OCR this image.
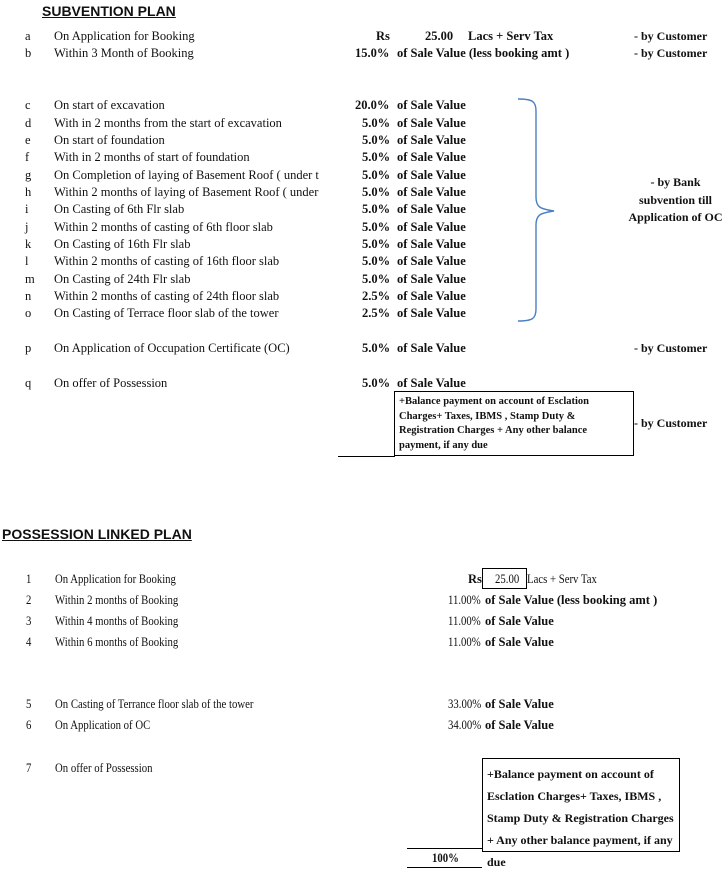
SUBVENTION PLAN
a On Application for Booking	Rs	25.00 Lacs + Serv Tax	- by Customer
b Within 3 Month of Booking	15.0% of Sale Value (less booking amt )	- by Customer
c On start of excavation	20.0% of Sale Value
d With in 2 months from the start of excavation	5.0% of Sale Value
e On start of foundation	5.0% of Sale Value
f With in 2 months of start of foundation	5.0% of Sale Value
g On Completion of laying of Basement Roof ( under t	5.0% of Sale Value
h Within 2 months of laying of Basement Roof ( under	5.0% of Sale Value
i On Casting of 6th Flr slab	5.0% of Sale Value
j Within 2 months of casting of 6th floor slab	5.0% of Sale Value
k On Casting of 16th Flr slab	5.0% of Sale Value
l Within 2 months of casting of 16th floor slab	5.0% of Sale Value
m On Casting of 24th Flr slab	5.0% of Sale Value
n Within 2 months of casting of 24th floor slab	2.5% of Sale Value
o On Casting of Terrace floor slab of the tower	2.5% of Sale Value
- by Bank subvention till Application of OC
p On Application of Occupation Certificate (OC)	5.0% of Sale Value	- by Customer
q On offer of Possession	5.0% of Sale Value
+Balance payment on account of Esclation Charges+ Taxes, IBMS , Stamp Duty & Registration Charges + Any other balance payment, if any due
- by Customer
POSSESSION LINKED PLAN
1 On Application for Booking	Rs 25.00 Lacs + Serv Tax
2 Within 2 months of Booking	11.00% of Sale Value (less booking amt )
3 Within 4 months of Booking	11.00% of Sale Value
4 Within 6 months of Booking	11.00% of Sale Value
5 On Casting of Terrance floor slab of the tower	33.00% of Sale Value
6 On Application of OC	34.00% of Sale Value
7 On offer of Possession	+Balance payment on account of Esclation Charges+ Taxes, IBMS , Stamp Duty & Registration Charges + Any other balance payment, if any due
100%
